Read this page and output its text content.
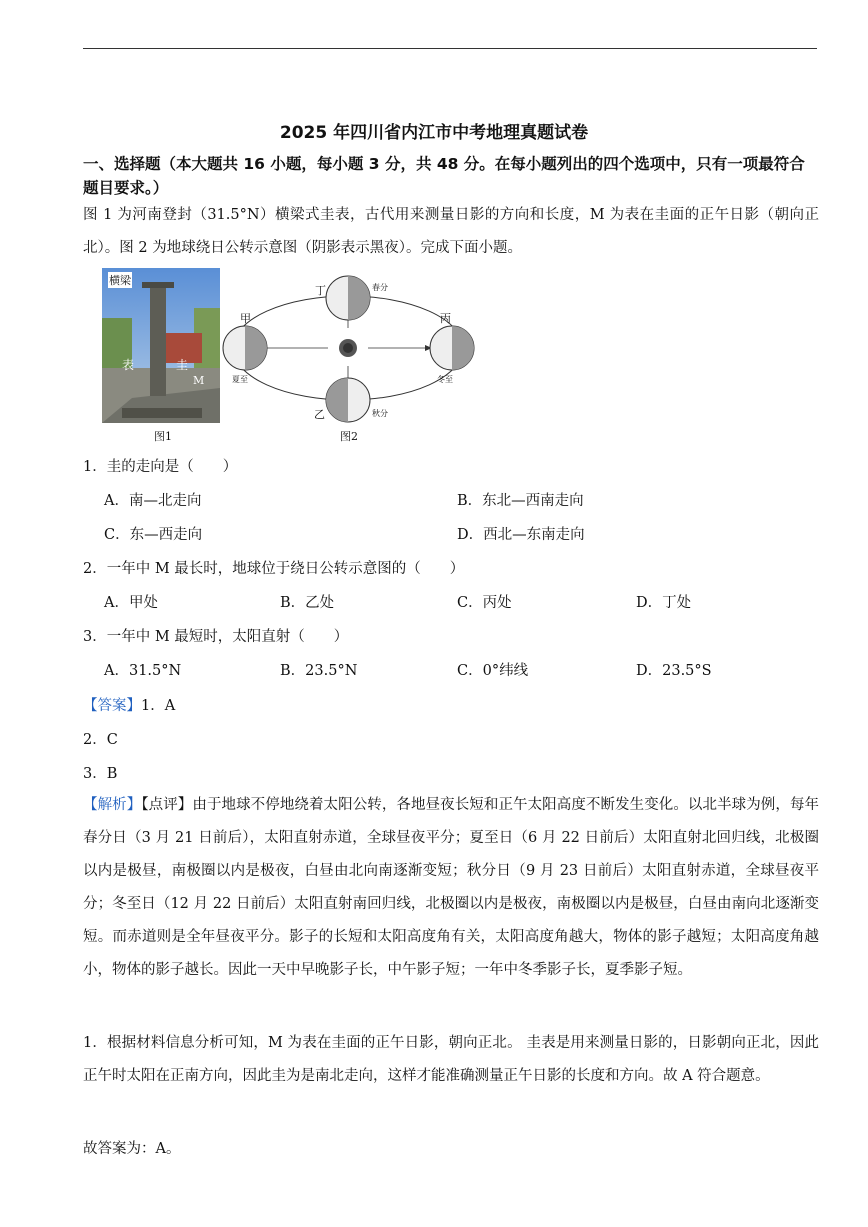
2025 年四川省内江市中考地理真题试卷
一、选择题（本大题共 16 小题，每小题 3 分，共 48 分。在每小题列出的四个选项中，只有一项最符合题目要求。）
图 1 为河南登封（31.5°N）横梁式圭表，古代用来测量日影的方向和长度，M 为表在圭面的正午日影（朝向正北）。图 2 为地球绕日公转示意图（阴影表示黑夜）。完成下面小题。
横梁
表	圭
M
图1
甲
乙
丙
丁	春分
夏至
秋分
冬至
图2
1．圭的走向是（　　）
A．南—北走向	B．东北—西南走向
C．东—西走向	D．西北—东南走向
2．一年中 M 最长时，地球位于绕日公转示意图的（　　）
A．甲处	B．乙处	C．丙处	D．丁处
3．一年中 M 最短时，太阳直射（　　）
A．31.5°N	B．23.5°N	C．0°纬线	D．23.5°S
【答案】1．A
2．C
3．B
【解析】【点评】由于地球不停地绕着太阳公转，各地昼夜长短和正午太阳高度不断发生变化。以北半球为例，每年春分日（3 月 21 日前后），太阳直射赤道，全球昼夜平分；夏至日（6 月 22 日前后）太阳直射北回归线，北极圈以内是极昼，南极圈以内是极夜，白昼由北向南逐渐变短；秋分日（9 月 23 日前后）太阳直射赤道，全球昼夜平分；冬至日（12 月 22 日前后）太阳直射南回归线，北极圈以内是极夜，南极圈以内是极昼，白昼由南向北逐渐变短。而赤道则是全年昼夜平分。影子的长短和太阳高度角有关，太阳高度角越大，物体的影子越短；太阳高度角越小，物体的影子越长。因此一天中早晚影子长，中午影子短；一年中冬季影子长，夏季影子短。
1．根据材料信息分析可知，M 为表在圭面的正午日影，朝向正北。 圭表是用来测量日影的，日影朝向正北，因此正午时太阳在正南方向，因此圭为是南北走向，这样才能准确测量正午日影的长度和方向。故 A 符合题意。
故答案为：A。
